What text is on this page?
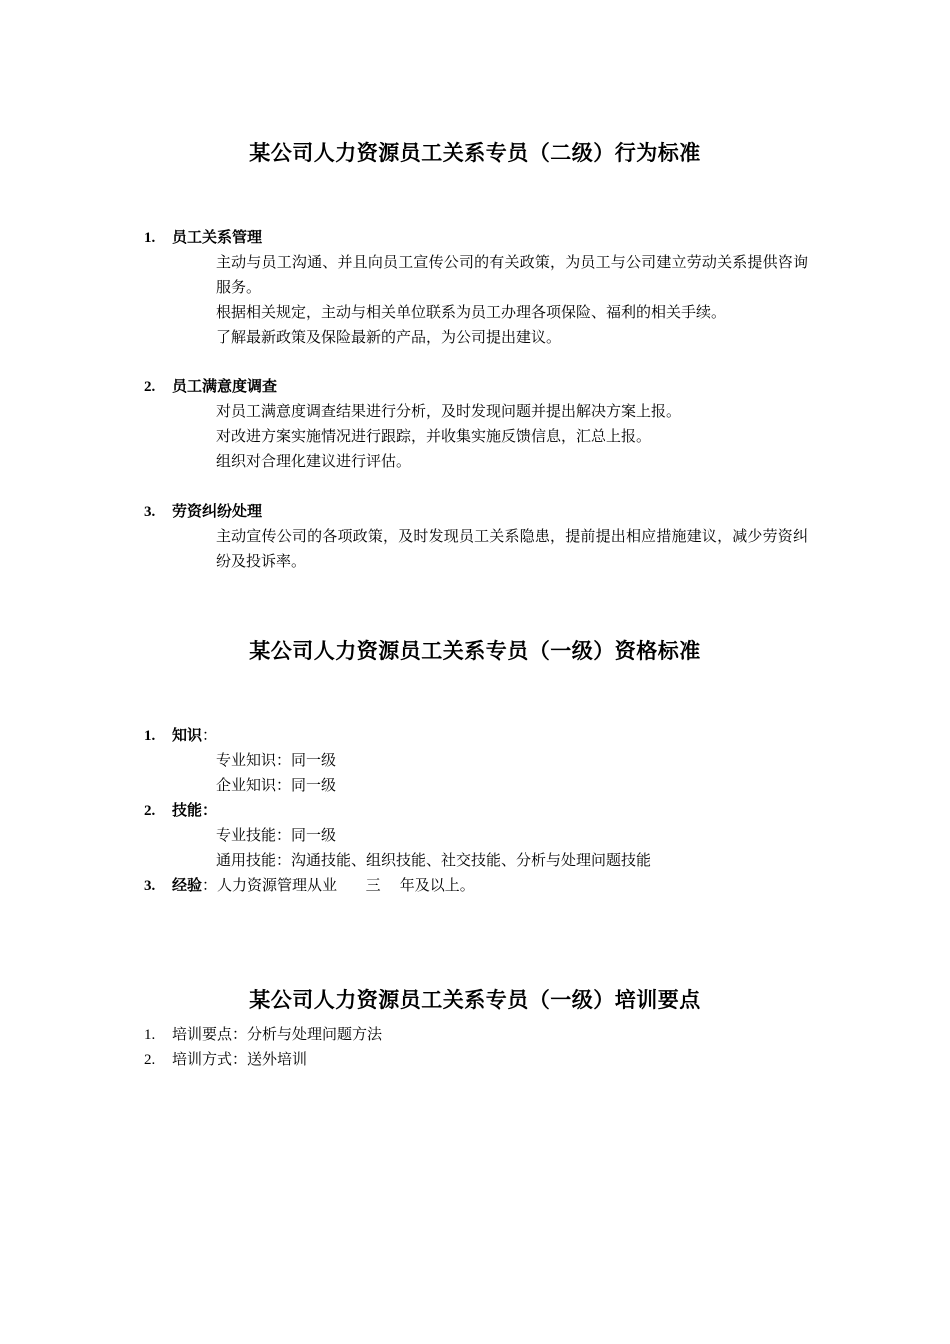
某公司人力资源员工关系专员（二级）行为标准
1. 员工关系管理

主动与员工沟通、并且向员工宣传公司的有关政策，为员工与公司建立劳动关系提供咨询服务。

根据相关规定，主动与相关单位联系为员工办理各项保险、福利的相关手续。

了解最新政策及保险最新的产品，为公司提出建议。

2. 员工满意度调查

对员工满意度调查结果进行分析，及时发现问题并提出解决方案上报。

对改进方案实施情况进行跟踪，并收集实施反馈信息，汇总上报。

组织对合理化建议进行评估。

3. 劳资纠纷处理

主动宣传公司的各项政策，及时发现员工关系隐患，提前提出相应措施建议，减少劳资纠纷及投诉率。

某公司人力资源员工关系专员（一级）资格标准
1. 知识：

专业知识：同一级

企业知识：同一级

2. 技能：

专业技能：同一级

通用技能：沟通技能、组织技能、社交技能、分析与处理问题技能

3. 经验：人力资源管理从业      三    年及以上。
某公司人力资源员工关系专员（一级）培训要点
1. 培训要点：分析与处理问题方法
2. 培训方式：送外培训
